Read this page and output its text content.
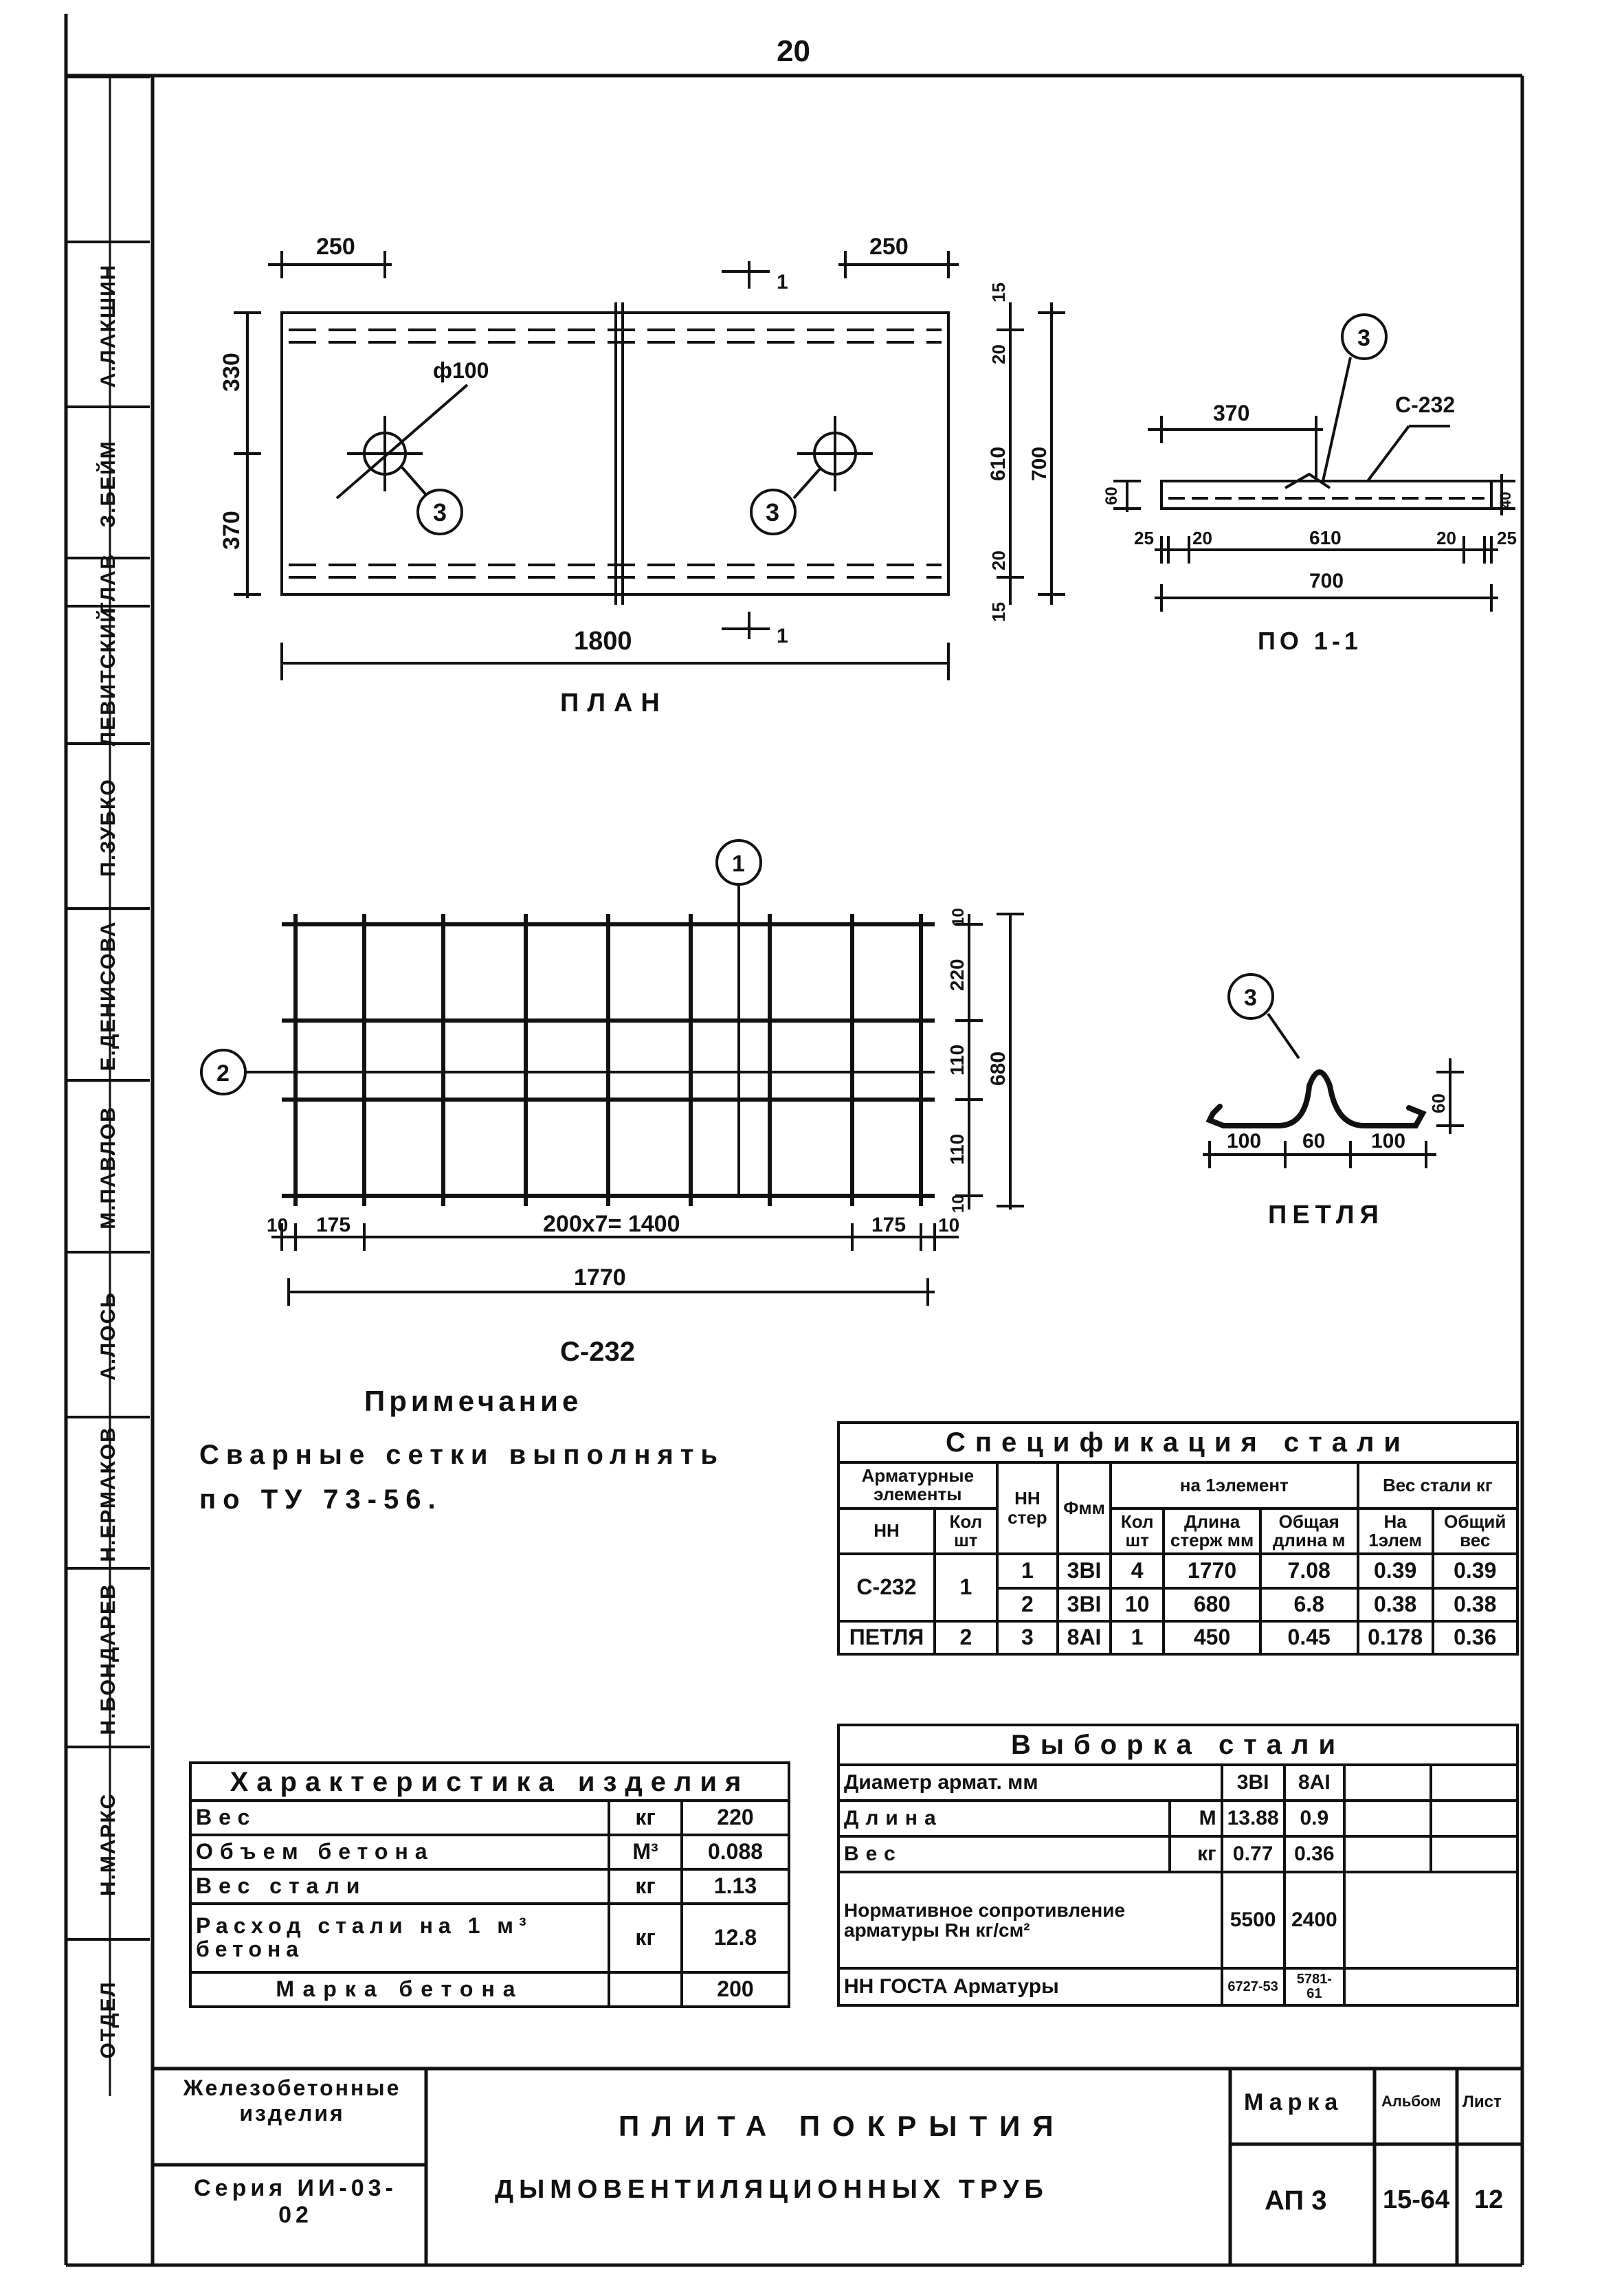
20
ОТДЕЛ
Н.МАРКС
Н.БОНДАРЕВ
Н.ЕРМАКОВ
А.ЛОСЬ
М.ПАВЛОВ
Е.ДЕНИСОВА
П.ЗУБКО
ЛЕВИТСКИЙ
ГЛАВ
З.БЕЙМ
А.ЛАКШИН
250	250
330
370
1800
ф100
3	3
1
1
15
20
610
20
15
700
ПЛАН
3
С-232
370
60	40
25 20	610	20 25
700
ПО 1-1
1
2
10 175	200х7= 1400	175 10
1770
10
220
110
110
10
680
С-232
3
100 60 100
60
ПЕТЛЯ
Примечание
Сварные сетки выполнять
по ТУ 73-56.
Спецификация стали								
Арматурные элементы		НН стер	Фмм	на 1элемент			Вес стали кг	
НН	Кол шт			Кол шт	Длина стерж мм	Общая длина м	На 1элем	Общий вес
С-232	1	1	3ВI	4	1770	7.08	0.39	0.39
		2	3ВI	10	680	6.8	0.38	0.38
ПЕТЛЯ	2	3	8АI	1	450	0.45	0.178	0.36
Выборка стали					
Диаметр армат. мм		3ВI	8АI		
Длина	М	13.88	0.9		
Вес	кг	0.77	0.36		
Нормативное сопротивление арматуры Rн кг/см²		5500	2400		
НН ГОСТА Арматуры		6727-53	5781-61		
Характеристика изделия		
Вес	кг	220
Объем бетона	М³	0.088
Вес стали	кг	1.13
Расход стали на 1 м³ бетона	кг	12.8
Марка бетона		200
Железобетонные изделия
Серия ИИ-03-02
ПЛИТА ПОКРЫТИЯ
ДЫМОВЕНТИЛЯЦИОННЫХ ТРУБ
Марка
АП 3
Альбом
15-64
Лист
12
